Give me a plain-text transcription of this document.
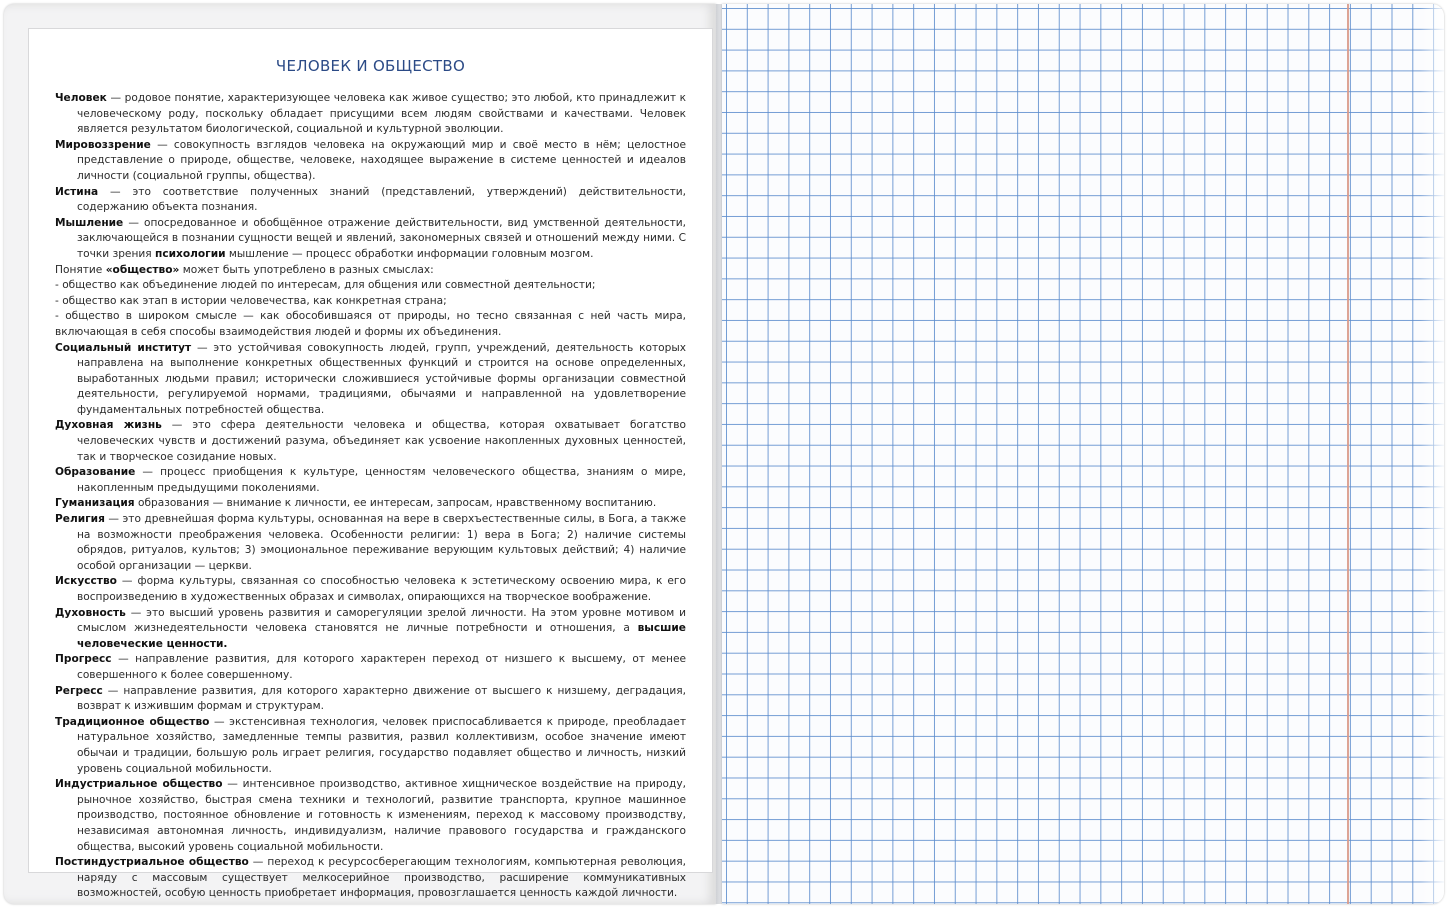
ЧЕЛОВЕК И ОБЩЕСТВО
Человек — родовое понятие, характеризующее человека как живое существо; это любой, кто принадлежит к человеческому роду, поскольку обладает присущими всем людям свойствами и качествами. Человек является результатом биологической, социальной и культурной эволюции.
Мировоззрение — совокупность взглядов человека на окружающий мир и своё место в нём; целостное представление о природе, обществе, человеке, находящее выражение в системе ценностей и идеалов личности (социальной группы, общества).
Истина — это соответствие полученных знаний (представлений, утверждений) действительности, содержанию объекта познания.
Мышление — опосредованное и обобщённое отражение действительности, вид умственной деятельности, заключающейся в познании сущности вещей и явлений, закономерных связей и отношений между ними. С точки зрения психологии мышление — процесс обработки информации головным мозгом.
Понятие «общество» может быть употреблено в разных смыслах:
- общество как объединение людей по интересам, для общения или совместной деятельности;
- общество как этап в истории человечества, как конкретная страна;
- общество в широком смысле — как обособившаяся от природы, но тесно связанная с ней часть мира, включающая в себя способы взаимодействия людей и формы их объединения.
Социальный институт — это устойчивая совокупность людей, групп, учреждений, деятельность которых направлена на выполнение конкретных общественных функций и строится на основе определенных, выработанных людьми правил; исторически сложившиеся устойчивые формы организации совместной деятельности, регулируемой нормами, традициями, обычаями и направленной на удовлетворение фундаментальных потребностей общества.
Духовная жизнь — это сфера деятельности человека и общества, которая охватывает богатство человеческих чувств и достижений разума, объединяет как усвоение накопленных духовных ценностей, так и творческое созидание новых.
Образование — процесс приобщения к культуре, ценностям человеческого общества, знаниям о мире, накопленным предыдущими поколениями.
Гуманизация образования — внимание к личности, ее интересам, запросам, нравственному воспитанию.
Религия — это древнейшая форма культуры, основанная на вере в сверхъестественные силы, в Бога, а также на возможности преображения человека. Особенности религии: 1) вера в Бога; 2) наличие системы обрядов, ритуалов, культов; 3) эмоциональное переживание верующим культовых действий; 4) наличие особой организации — церкви.
Искусство — форма культуры, связанная со способностью человека к эстетическому освоению мира, к его воспроизведению в художественных образах и символах, опирающихся на творческое воображение.
Духовность — это высший уровень развития и саморегуляции зрелой личности. На этом уровне мотивом и смыслом жизнедеятельности человека становятся не личные потребности и отношения, а высшие человеческие ценности.
Прогресс — направление развития, для которого характерен переход от низшего к высшему, от менее совершенного к более совершенному.
Регресс — направление развития, для которого характерно движение от высшего к низшему, деградация, возврат к изжившим формам и структурам.
Традиционное общество — экстенсивная технология, человек приспосабливается к природе, преобладает натуральное хозяйство, замедленные темпы развития, развил коллективизм, особое значение имеют обычаи и традиции, большую роль играет религия, государство подавляет общество и личность, низкий уровень социальной мобильности.
Индустриальное общество — интенсивное производство, активное хищническое воздействие на природу, рыночное хозяйство, быстрая смена техники и технологий, развитие транспорта, крупное машинное производство, постоянное обновление и готовность к изменениям, переход к массовому производству, независимая автономная личность, индивидуализм, наличие правового государства и гражданского общества, высокий уровень социальной мобильности.
Постиндустриальное общество — переход к ресурсосберегающим технологиям, компьютерная революция, наряду с массовым существует мелкосерийное производство, расширение коммуникативных возможностей, особую ценность приобретает информация, провозглашается ценность каждой личности.
